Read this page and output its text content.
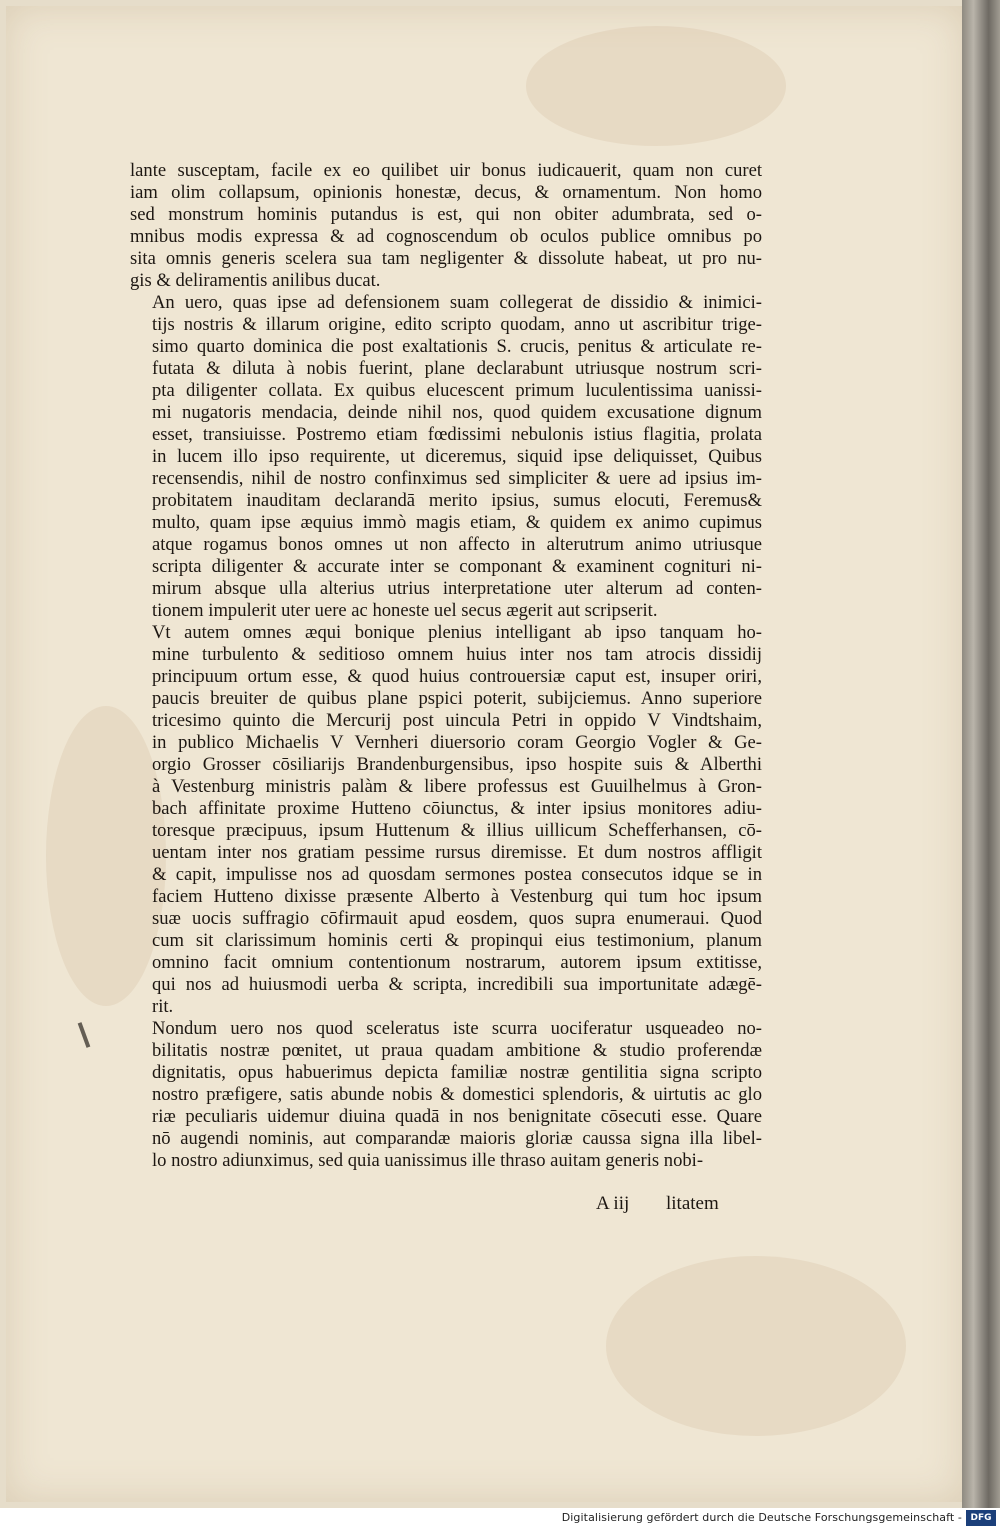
lante susceptam, facile ex eo quilibet uir bonus iudicauerit, quam non curet
iam olim collapsum, opinionis honestæ, decus, & ornamentum. Non homo
sed monstrum hominis putandus is est, qui non obiter adumbrata, sed o-
mnibus modis expressa & ad cognoscendum ob oculos publice omnibus po
sita omnis generis scelera sua tam negligenter & dissolute habeat, ut pro nu-
gis & deliramentis anilibus ducat.
An uero, quas ipse ad defensionem suam collegerat de dissidio & inimici-
tijs nostris & illarum origine, edito scripto quodam, anno ut ascribitur trige-
simo quarto dominica die post exaltationis S. crucis, penitus & articulate re-
futata & diluta à nobis fuerint, plane declarabunt utriusque nostrum scri-
pta diligenter collata. Ex quibus elucescent primum luculentissima uanissi-
mi nugatoris mendacia, deinde nihil nos, quod quidem excusatione dignum
esset, transiuisse. Postremo etiam fœdissimi nebulonis istius flagitia, prolata
in lucem illo ipso requirente, ut diceremus, siquid ipse deliquisset, Quibus
recensendis, nihil de nostro confinximus sed simpliciter & uere ad ipsius im-
probitatem inauditam declarandā merito ipsius, sumus elocuti, Feremus&
multo, quam ipse æquius immò magis etiam, & quidem ex animo cupimus
atque rogamus bonos omnes ut non affecto in alterutrum animo utriusque
scripta diligenter & accurate inter se componant & examinent cognituri ni-
mirum absque ulla alterius utrius interpretatione uter alterum ad conten-
tionem impulerit uter uere ac honeste uel secus ægerit aut scripserit.
Vt autem omnes æqui bonique plenius intelligant ab ipso tanquam ho-
mine turbulento & seditioso omnem huius inter nos tam atrocis dissidij
principuum ortum esse, & quod huius controuersiæ caput est, insuper oriri,
paucis breuiter de quibus plane pspici poterit, subijciemus. Anno superiore
tricesimo quinto die Mercurij post uincula Petri in oppido V Vindtshaim,
in publico Michaelis V Vernheri diuersorio coram Georgio Vogler & Ge-
orgio Grosser cōsiliarijs Brandenburgensibus, ipso hospite suis & Alberthi
à Vestenburg ministris palàm & libere professus est Guuilhelmus à Gron-
bach affinitate proxime Hutteno cōiunctus, & inter ipsius monitores adiu-
toresque præcipuus, ipsum Huttenum & illius uillicum Schefferhansen, cō-
uentam inter nos gratiam pessime rursus diremisse. Et dum nostros affligit
& capit, impulisse nos ad quosdam sermones postea consecutos idque se in
faciem Hutteno dixisse præsente Alberto à Vestenburg qui tum hoc ipsum
suæ uocis suffragio cōfirmauit apud eosdem, quos supra enumeraui. Quod
cum sit clarissimum hominis certi & propinqui eius testimonium, planum
omnino facit omnium contentionum nostrarum, autorem ipsum extitisse,
qui nos ad huiusmodi uerba & scripta, incredibili sua importunitate adægē-
rit.
Nondum uero nos quod sceleratus iste scurra uociferatur usqueadeo no-
bilitatis nostræ pœnitet, ut praua quadam ambitione & studio proferendæ
dignitatis, opus habuerimus depicta familiæ nostræ gentilitia signa scripto
nostro præfigere, satis abunde nobis & domestici splendoris, & uirtutis ac glo
riæ peculiaris uidemur diuina quadā in nos benignitate cōsecuti esse. Quare
nō augendi nominis, aut comparandæ maioris gloriæ caussa signa illa libel-
lo nostro adiunximus, sed quia uanissimus ille thraso auitam generis nobi-
A iij litatem
Digitalisierung gefördert durch die Deutsche Forschungsgemeinschaft - DFG
